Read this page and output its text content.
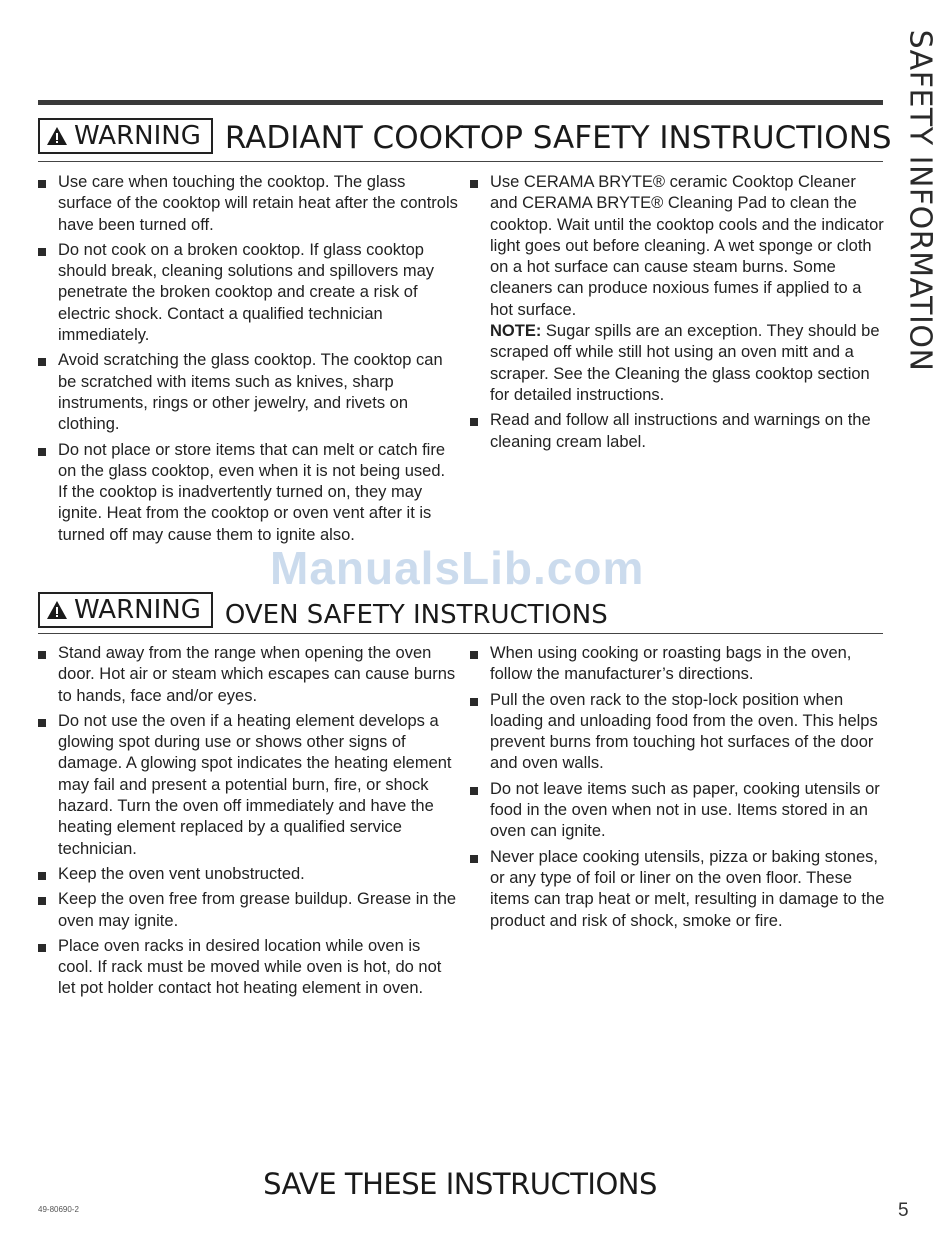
SAFETY INFORMATION
WARNING RADIANT COOKTOP SAFETY INSTRUCTIONS
Use care when touching the cooktop. The glass surface of the cooktop will retain heat after the controls have been turned off.
Do not cook on a broken cooktop. If glass cooktop should break, cleaning solutions and spillovers may penetrate the broken cooktop and create a risk of electric shock. Contact a qualified technician immediately.
Avoid scratching the glass cooktop. The cooktop can be scratched with items such as knives, sharp instruments, rings or other jewelry, and rivets on clothing.
Do not place or store items that can melt or catch fire on the glass cooktop, even when it is not being used. If the cooktop is inadvertently turned on, they may ignite. Heat from the cooktop or oven vent after it is turned off may cause them to ignite also.
Use CERAMA BRYTE® ceramic Cooktop Cleaner and CERAMA BRYTE® Cleaning Pad to clean the cooktop. Wait until the cooktop cools and the indicator light goes out before cleaning. A wet sponge or cloth on a hot surface can cause steam burns. Some cleaners can produce noxious fumes if applied to a hot surface.
NOTE: Sugar spills are an exception. They should be scraped off while still hot using an oven mitt and a scraper. See the Cleaning the glass cooktop section for detailed instructions.
Read and follow all instructions and warnings on the cleaning cream label.
ManualsLib.com
WARNING OVEN SAFETY INSTRUCTIONS
Stand away from the range when opening the oven door. Hot air or steam which escapes can cause burns to hands, face and/or eyes.
Do not use the oven if a heating element develops a glowing spot during use or shows other signs of damage. A glowing spot indicates the heating element may fail and present a potential burn, fire, or shock hazard. Turn the oven off immediately and have the heating element replaced by a qualified service technician.
Keep the oven vent unobstructed.
Keep the oven free from grease buildup. Grease in the oven may ignite.
Place oven racks in desired location while oven is cool. If rack must be moved while oven is hot, do not let pot holder contact hot heating element in oven.
When using cooking or roasting bags in the oven, follow the manufacturer’s directions.
Pull the oven rack to the stop-lock position when loading and unloading food from the oven. This helps prevent burns from touching hot surfaces of the door and oven walls.
Do not leave items such as paper, cooking utensils or food in the oven when not in use. Items stored in an oven can ignite.
Never place cooking utensils, pizza or baking stones, or any type of foil or liner on the oven floor. These items can trap heat or melt, resulting in damage to the product and risk of shock, smoke or fire.
SAVE THESE INSTRUCTIONS
49-80690-2	5
